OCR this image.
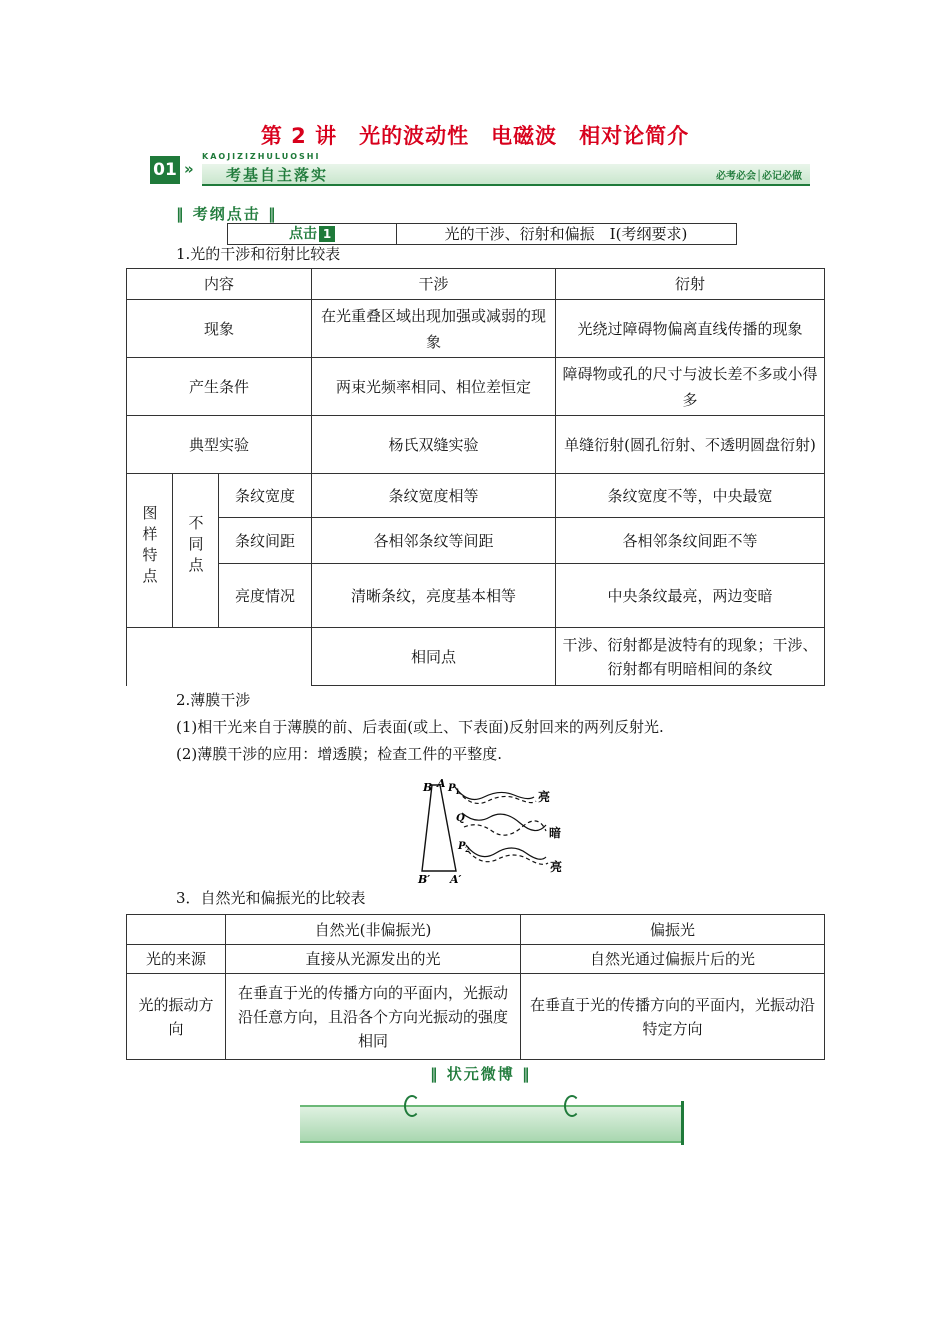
第 2 讲　光的波动性　电磁波　相对论简介
01 »
KAOJIZIZHULUOSHI
考基自主落实	必考必会│必记必做
‖ 考纲点击 ‖
点击 1	光的干涉、衍射和偏振　Ⅰ(考纲要求)
1.光的干涉和衍射比较表
内容			干涉	衍射
现象			在光重叠区域出现加强或减弱的现象	光绕过障碍物偏离直线传播的现象
产生条件			两束光频率相同、相位差恒定	障碍物或孔的尺寸与波长差不多或小得多
典型实验			杨氏双缝实验	单缝衍射(圆孔衍射、不透明圆盘衍射)
图样特点	不同点	条纹宽度	条纹宽度相等	条纹宽度不等，中央最宽
		条纹间距	各相邻条纹等间距	各相邻条纹间距不等
		亮度情况	清晰条纹，亮度基本相等	中央条纹最亮，两边变暗
			相同点	干涉、衍射都是波特有的现象；干涉、衍射都有明暗相间的条纹
2.薄膜干涉
(1)相干光来自于薄膜的前、后表面(或上、下表面)反射回来的两列反射光.
(2)薄膜干涉的应用：增透膜；检查工件的平整度.
B A P 1
Q
P 2
B′ A′
亮
暗
亮
3．自然光和偏振光的比较表
	自然光(非偏振光)	偏振光
光的来源	直接从光源发出的光	自然光通过偏振片后的光
光的振动方向	在垂直于光的传播方向的平面内，光振动沿任意方向，且沿各个方向光振动的强度相同	在垂直于光的传播方向的平面内，光振动沿特定方向
‖ 状元微博 ‖
